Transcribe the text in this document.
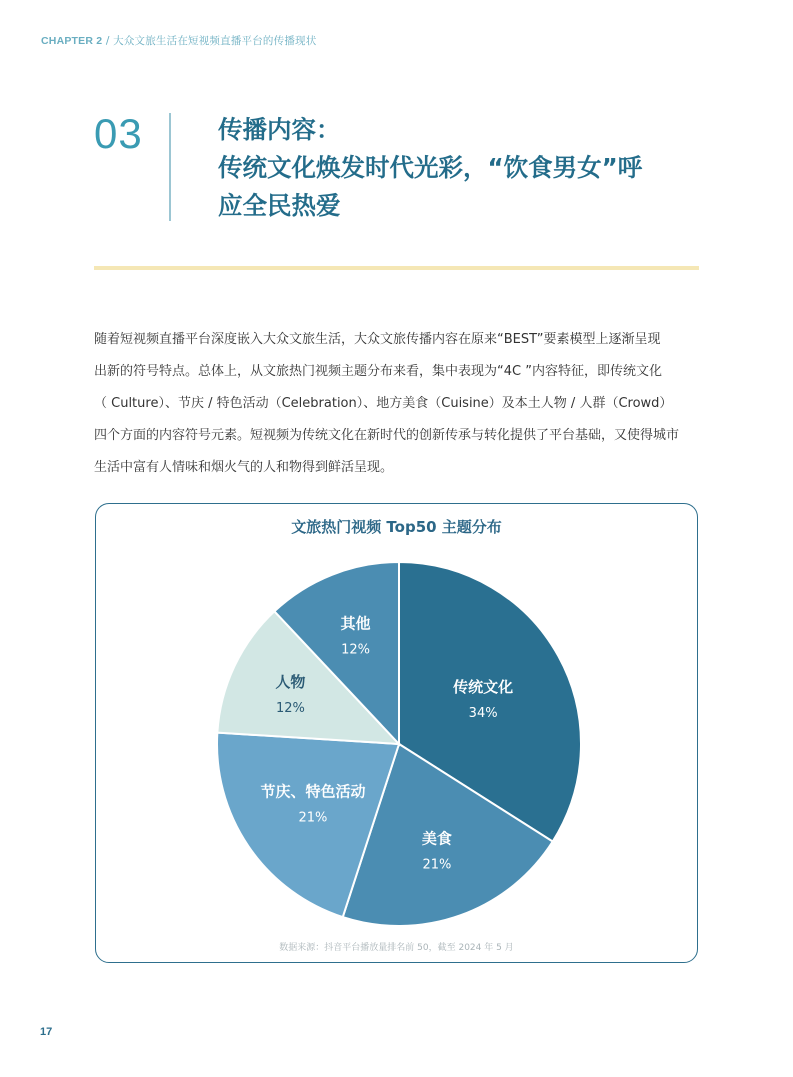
CHAPTER 2 / 大众文旅生活在短视频直播平台的传播现状
03	传播内容：
传统文化焕发时代光彩，“饮食男女”呼
应全民热爱

随着短视频直播平台深度嵌入大众文旅生活，大众文旅传播内容在原来“BEST”要素模型上逐渐呈现

出新的符号特点。总体上，从文旅热门视频主题分布来看，集中表现为“4C ”内容特征，即传统文化

（ Culture）、节庆 / 特色活动（Celebration）、地方美食（Cuisine）及本土人物 / 人群（Crowd）

四个方面的内容符号元素。短视频为传统文化在新时代的创新传承与转化提供了平台基础，又使得城市

生活中富有人情味和烟火气的人和物得到鲜活呈现。

文旅热门视频 Top50 主题分布
传统文化
34%
美食
21%
节庆、特色活动
21%
人物
12%
其他
12%
数据来源：抖音平台播放量排名前 50，截至 2024 年 5 月
17
